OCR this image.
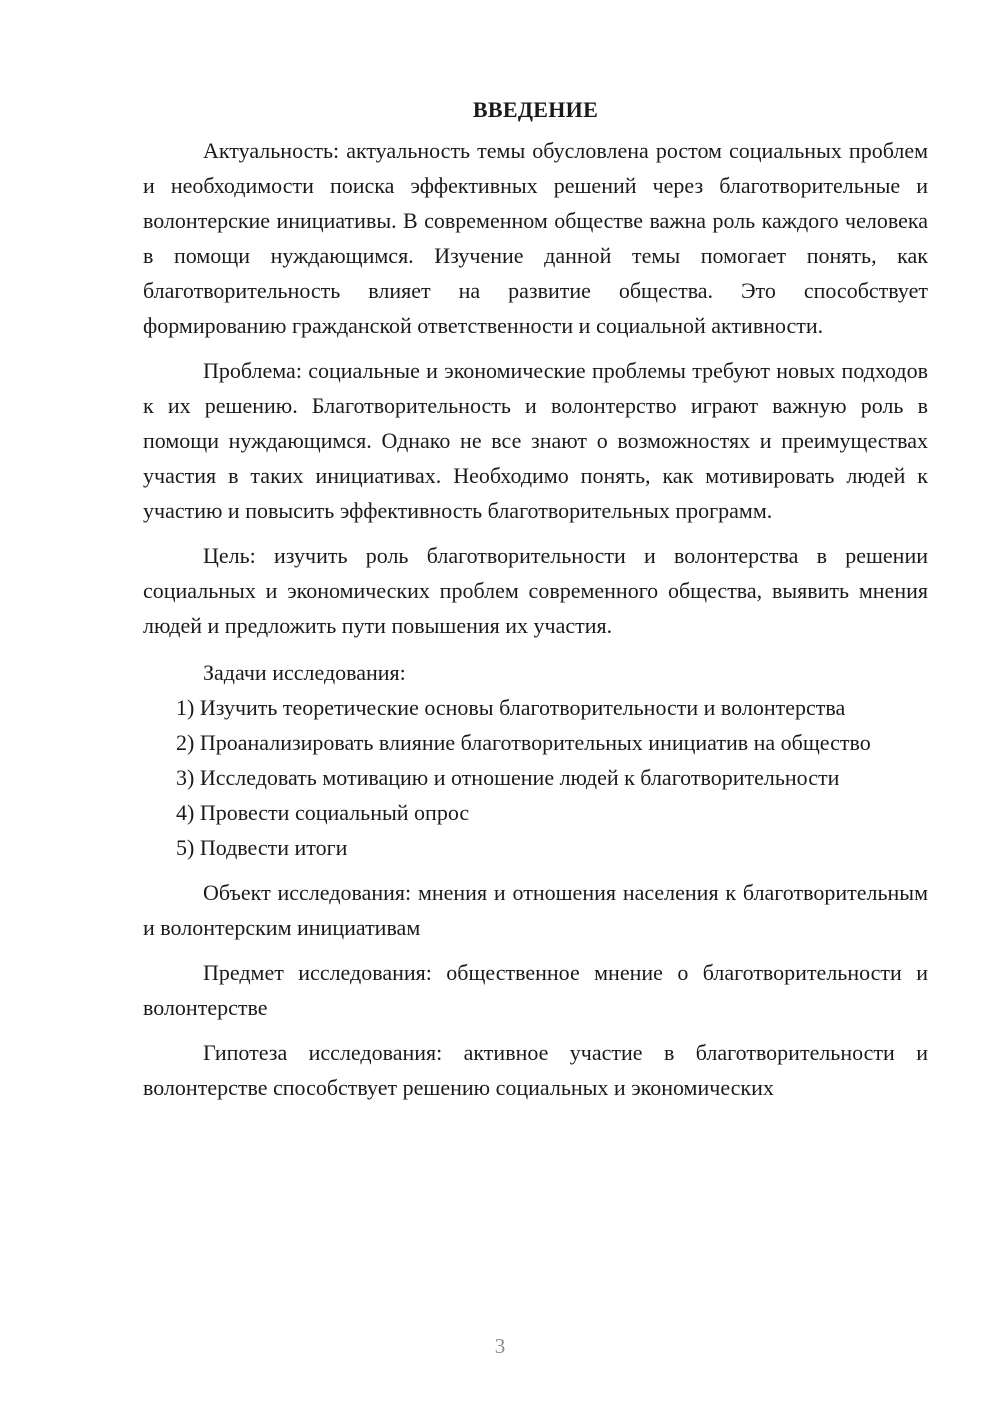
ВВЕДЕНИЕ

Актуальность: актуальность темы обусловлена ростом социальных проблем и необходимости поиска эффективных решений через благотворительные и волонтерские инициативы. В современном обществе важна роль каждого человека в помощи нуждающимся. Изучение данной темы помогает понять, как благотворительность влияет на развитие общества. Это способствует формированию гражданской ответственности и социальной активности.

Проблема: социальные и экономические проблемы требуют новых подходов к их решению. Благотворительность и волонтерство играют важную роль в помощи нуждающимся. Однако не все знают о возможностях и преимуществах участия в таких инициативах. Необходимо понять, как мотивировать людей к участию и повысить эффективность благотворительных программ.

Цель: изучить роль благотворительности и волонтерства в решении социальных и экономических проблем современного общества, выявить мнения людей и предложить пути повышения их участия.

Задачи исследования:

1) Изучить теоретические основы благотворительности и волонтерства

2) Проанализировать влияние благотворительных инициатив на общество

3) Исследовать мотивацию и отношение людей к благотворительности

4) Провести социальный опрос

5) Подвести итоги

Объект исследования: мнения и отношения населения к благотворительным и волонтерским инициативам

Предмет исследования: общественное мнение о благотворительности и волонтерстве

Гипотеза исследования: активное участие в благотворительности и волонтерстве способствует решению социальных и экономических

3
